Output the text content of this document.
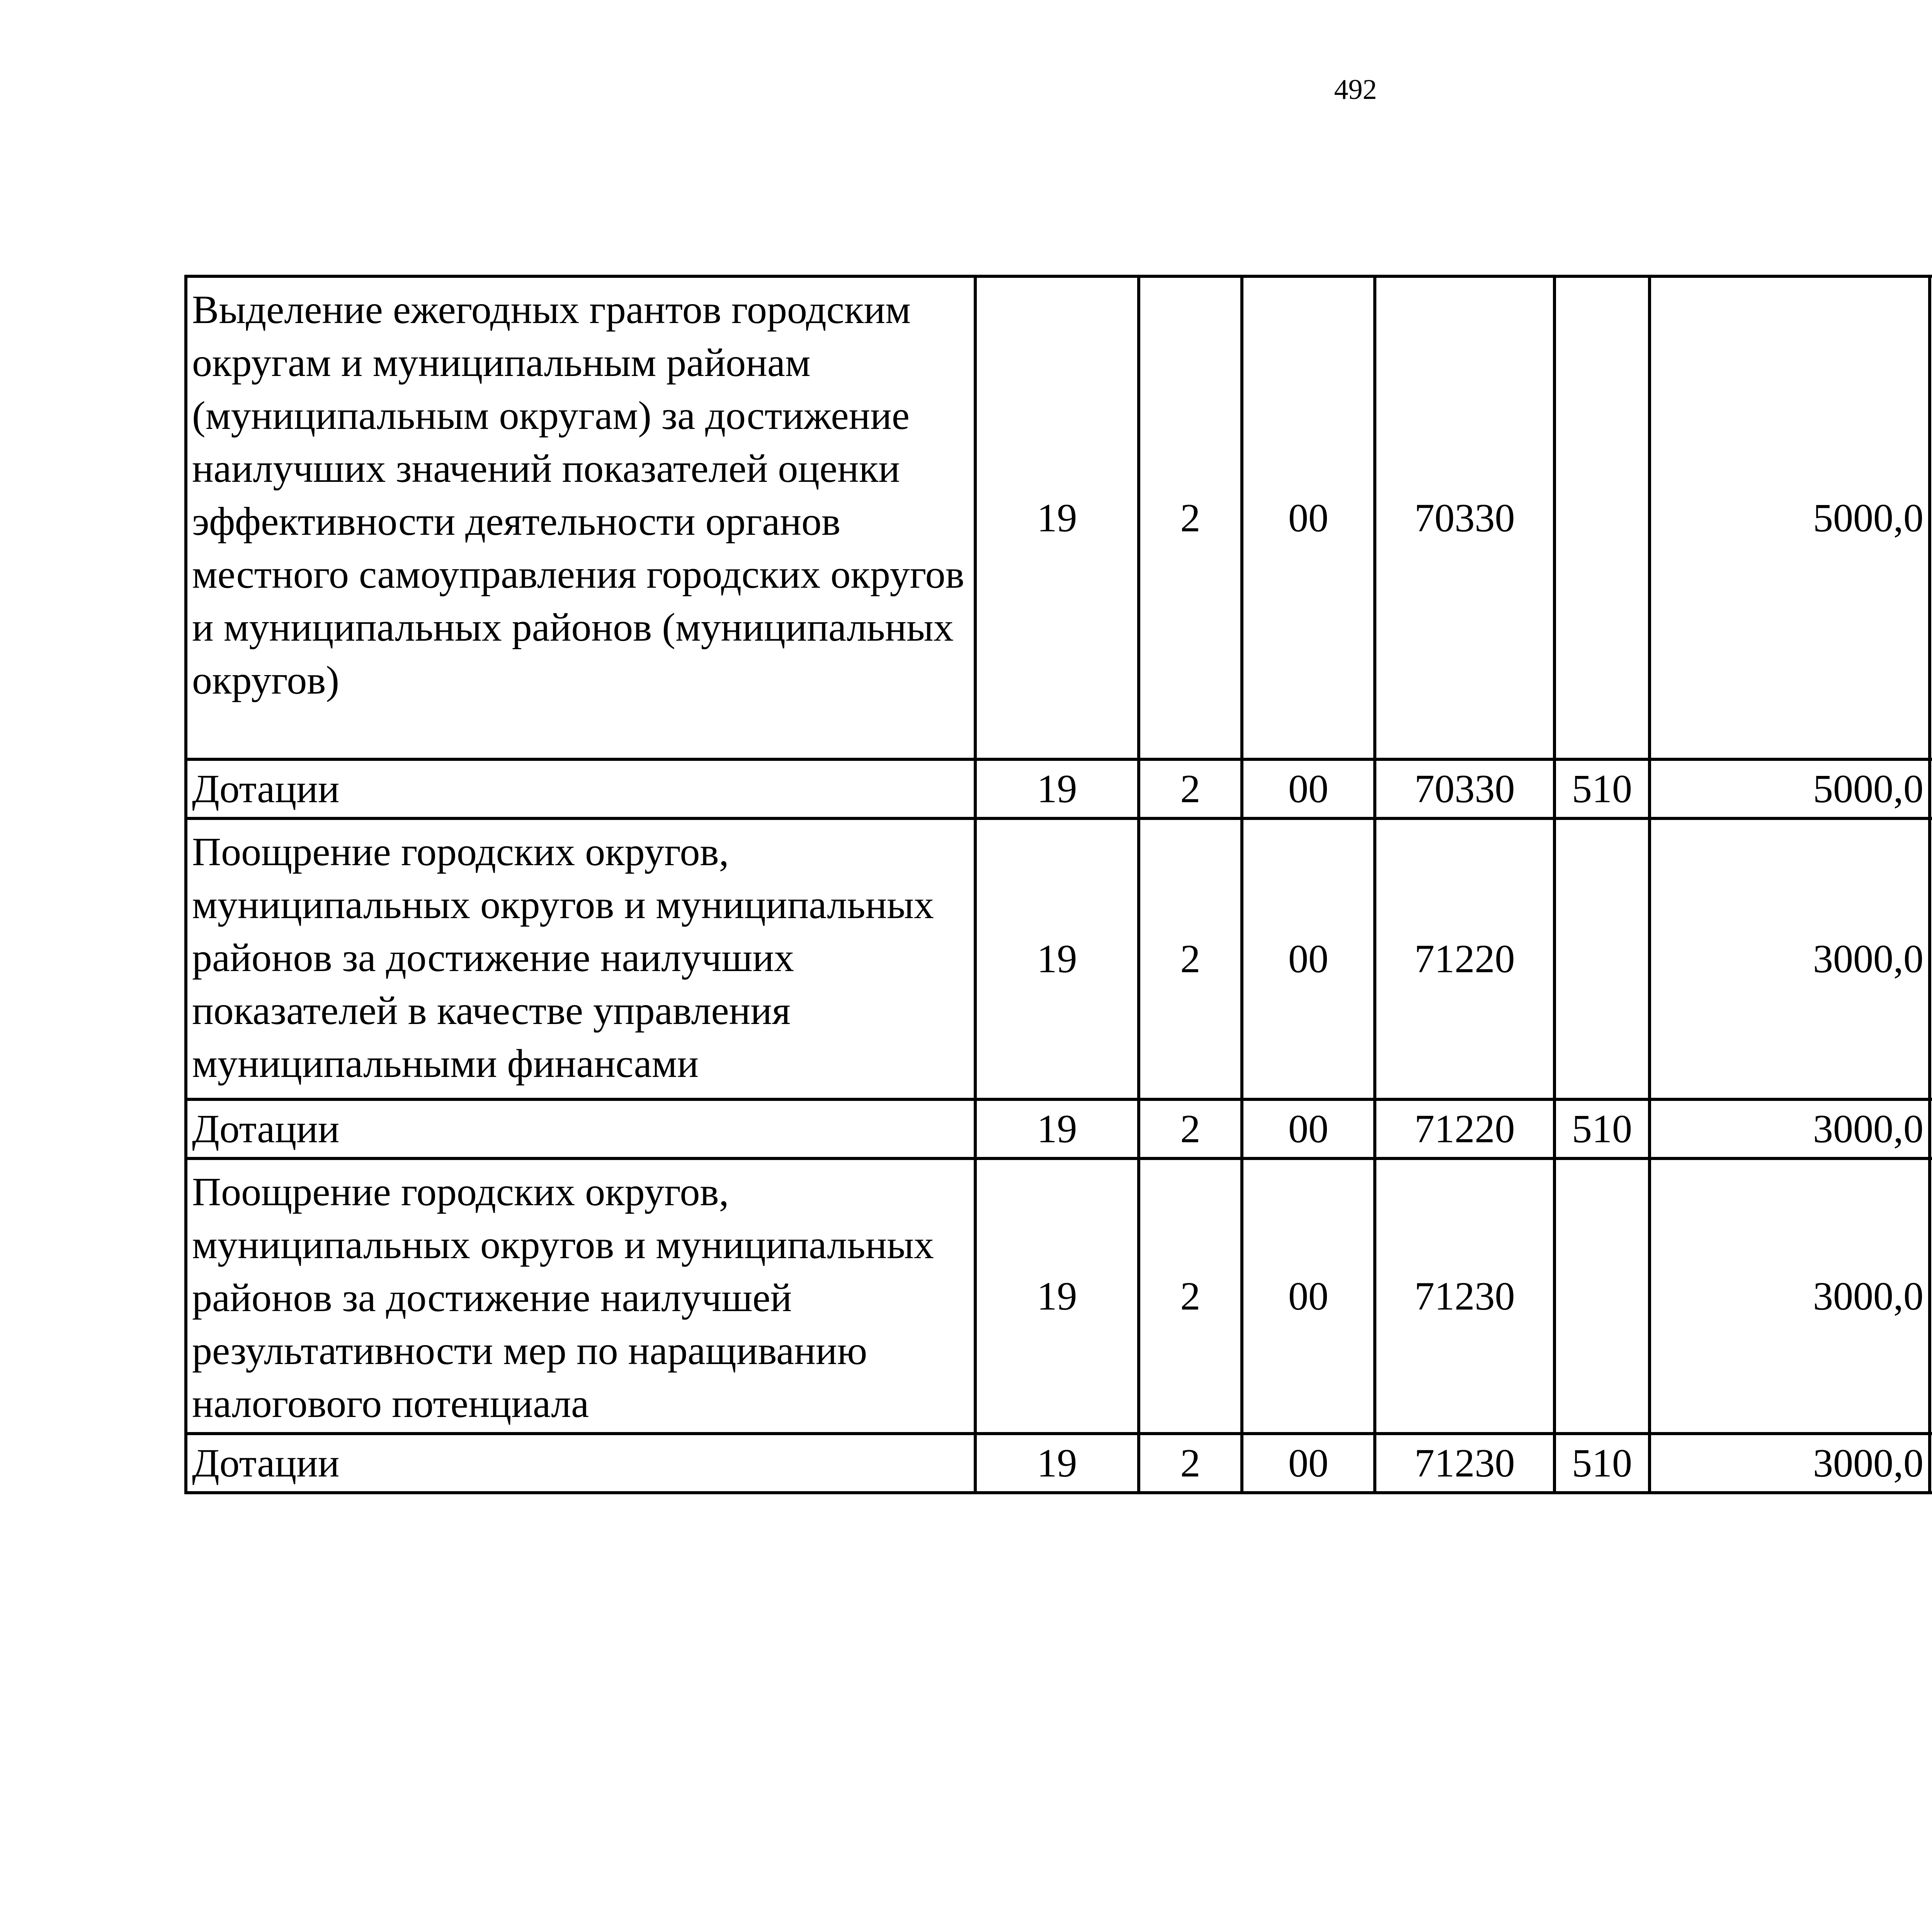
492
Выделение ежегодных грантов городским округам и муниципальным районам (муниципальным округам) за достижение наилучших значений показателей оценки эффективности деятельности органов местного самоуправления городских округов и муниципальных районов (муниципальных округов)	19	2	00	70330		5000,0		
Дотации	19	2	00	70330	510	5000,0		
Поощрение городских округов, муниципальных округов и муниципальных районов за достижение наилучших показателей в качестве управления муниципальными финансами	19	2	00	71220		3000,0		
Дотации	19	2	00	71220	510	3000,0		
Поощрение городских округов, муниципальных округов и муниципальных районов за достижение наилучшей результативности мер по наращиванию налогового потенциала	19	2	00	71230		3000,0		
Дотации	19	2	00	71230	510	3000,0		
